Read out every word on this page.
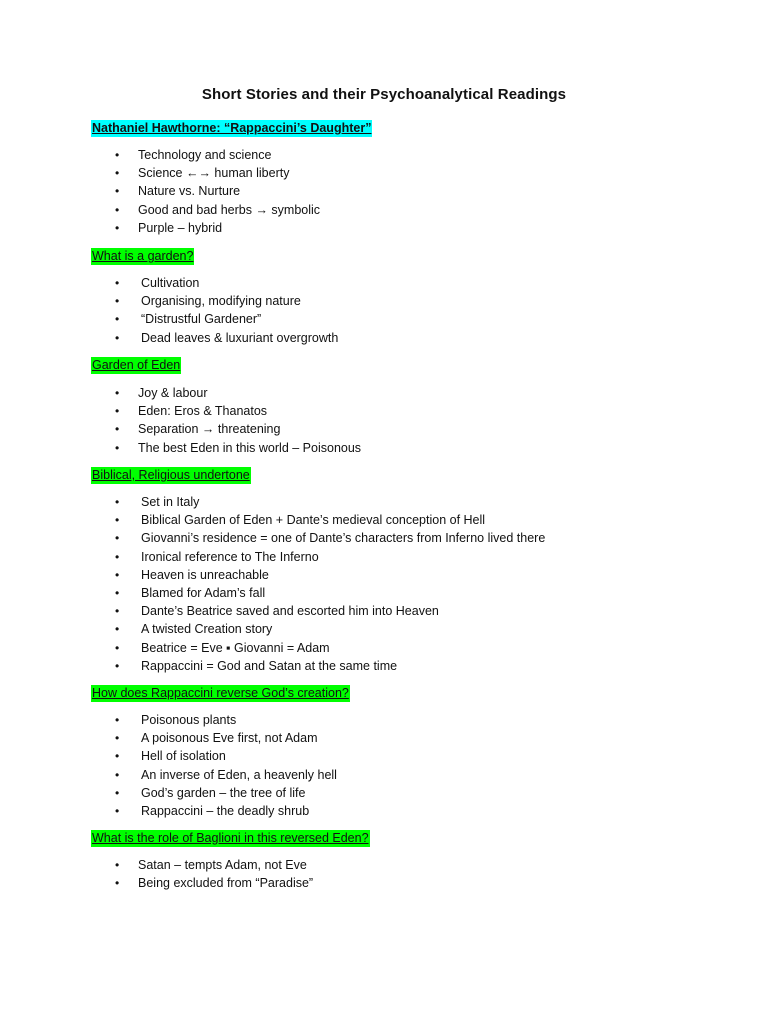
Short Stories and their Psychoanalytical Readings
Nathaniel Hawthorne: “Rappaccini’s Daughter”
• Technology and science
• Science ←→ human liberty
• Nature vs. Nurture
• Good and bad herbs → symbolic
• Purple – hybrid
What is a garden?
• Cultivation
• Organising, modifying nature
• “Distrustful Gardener”
• Dead leaves & luxuriant overgrowth
Garden of Eden
• Joy & labour
• Eden: Eros & Thanatos
• Separation → threatening
• The best Eden in this world – Poisonous
Biblical, Religious undertone
• Set in Italy
• Biblical Garden of Eden + Dante’s medieval conception of Hell
• Giovanni’s residence = one of Dante’s characters from Inferno lived there
• Ironical reference to The Inferno
• Heaven is unreachable
• Blamed for Adam’s fall
• Dante’s Beatrice saved and escorted him into Heaven
• A twisted Creation story
• Beatrice = Eve ▪ Giovanni = Adam
• Rappaccini = God and Satan at the same time
How does Rappaccini reverse God’s creation?
• Poisonous plants
• A poisonous Eve first, not Adam
• Hell of isolation
• An inverse of Eden, a heavenly hell
• God’s garden – the tree of life
• Rappaccini – the deadly shrub
What is the role of Baglioni in this reversed Eden?
• Satan – tempts Adam, not Eve
• Being excluded from “Paradise”
